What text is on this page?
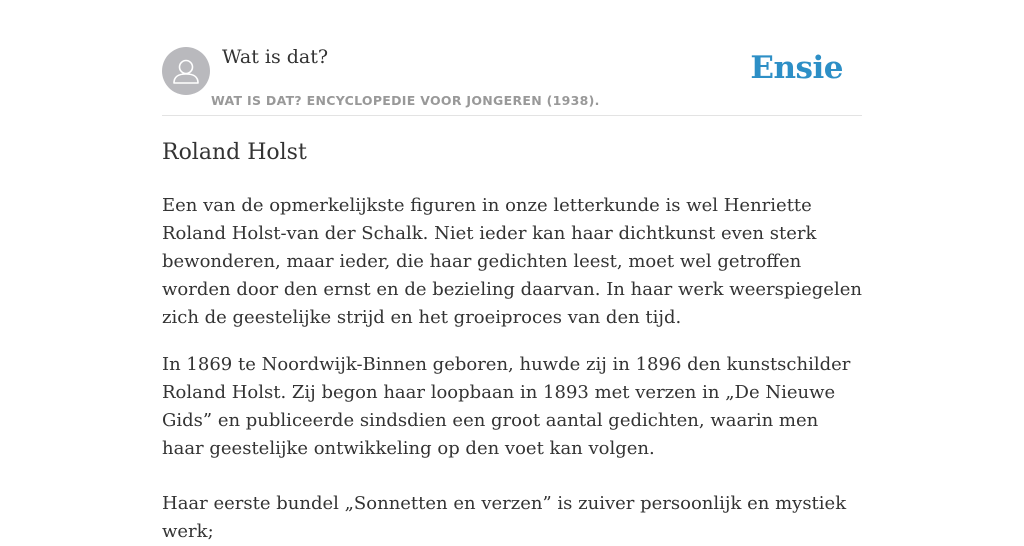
Wat is dat?
WAT IS DAT? ENCYCLOPEDIE VOOR JONGEREN (1938).
Ensie
Roland Holst

Een van de opmerkelijkste figuren in onze letterkunde is wel Henriette Roland Holst-van der Schalk. Niet ieder kan haar dichtkunst even sterk bewonderen, maar ieder, die haar gedichten leest, moet wel getroffen worden door den ernst en de bezieling daarvan. In haar werk weerspiegelen zich de geestelijke strijd en het groeiproces van den tijd.

In 1869 te Noordwijk-Binnen geboren, huwde zij in 1896 den kunstschilder Roland Holst. Zij begon haar loopbaan in 1893 met verzen in „De Nieuwe Gids” en publiceerde sindsdien een groot aantal gedichten, waarin men haar geestelijke ontwikkeling op den voet kan volgen.

Haar eerste bundel „Sonnetten en verzen” is zuiver persoonlijk en mystiek werk;
